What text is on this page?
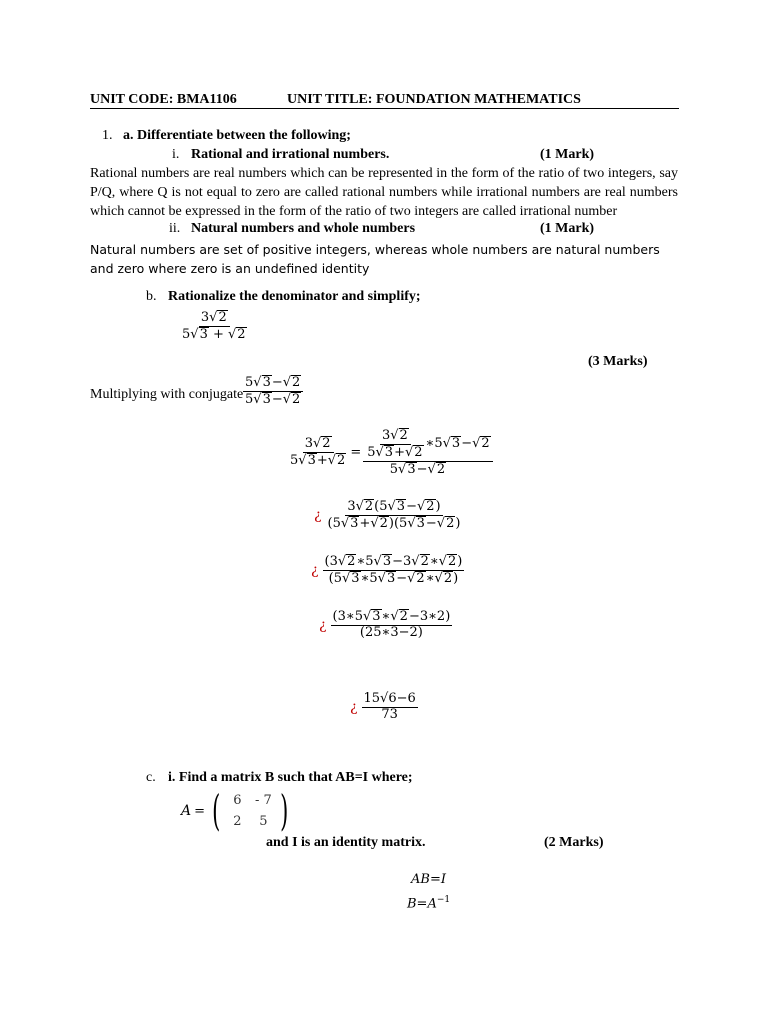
UNIT CODE: BMA1106	UNIT TITLE: FOUNDATION MATHEMATICS
1. a. Differentiate between the following;
i. Rational and irrational numbers.	(1 Mark)
Rational numbers are real numbers which can be represented in the form of the ratio of two integers, say P/Q, where Q is not equal to zero are called rational numbers while irrational numbers are real numbers which cannot be expressed in the form of the ratio of two integers are called irrational number
ii. Natural numbers and whole numbers	(1 Mark)
Natural numbers are set of positive integers, whereas whole numbers are natural numbers and zero where zero is an undefined identity
b. Rationalize the denominator and simplify;
$\frac{3√2}{5√3 + √2}$
(3 Marks)
Multiplying with conjugate $\frac{5√3-√2}{5√3-√2}$
$\frac{3√2}{5√3+√2} = \frac{\frac{3√2}{5√3+√2} ∗5√3-√2}{5√3-√2}$
¿ $\frac{3√2(5√3-√2)}{(5√3+√2)(5√3-√2)}$
¿ $\frac{(3√2∗5√3-3√2∗√2)}{(5√3∗5√3-√2∗√2)}$
¿ $\frac{(3∗5√3∗√2-3∗2)}{(25∗3-2)}$
¿ $\frac{15√6-6}{73}$
c. i. Find a matrix B such that AB=I where;
A = ( 6	- 7
2	5 )
and I is an identity matrix.	(2 Marks)
AB=I
$B=A^{-1}$
